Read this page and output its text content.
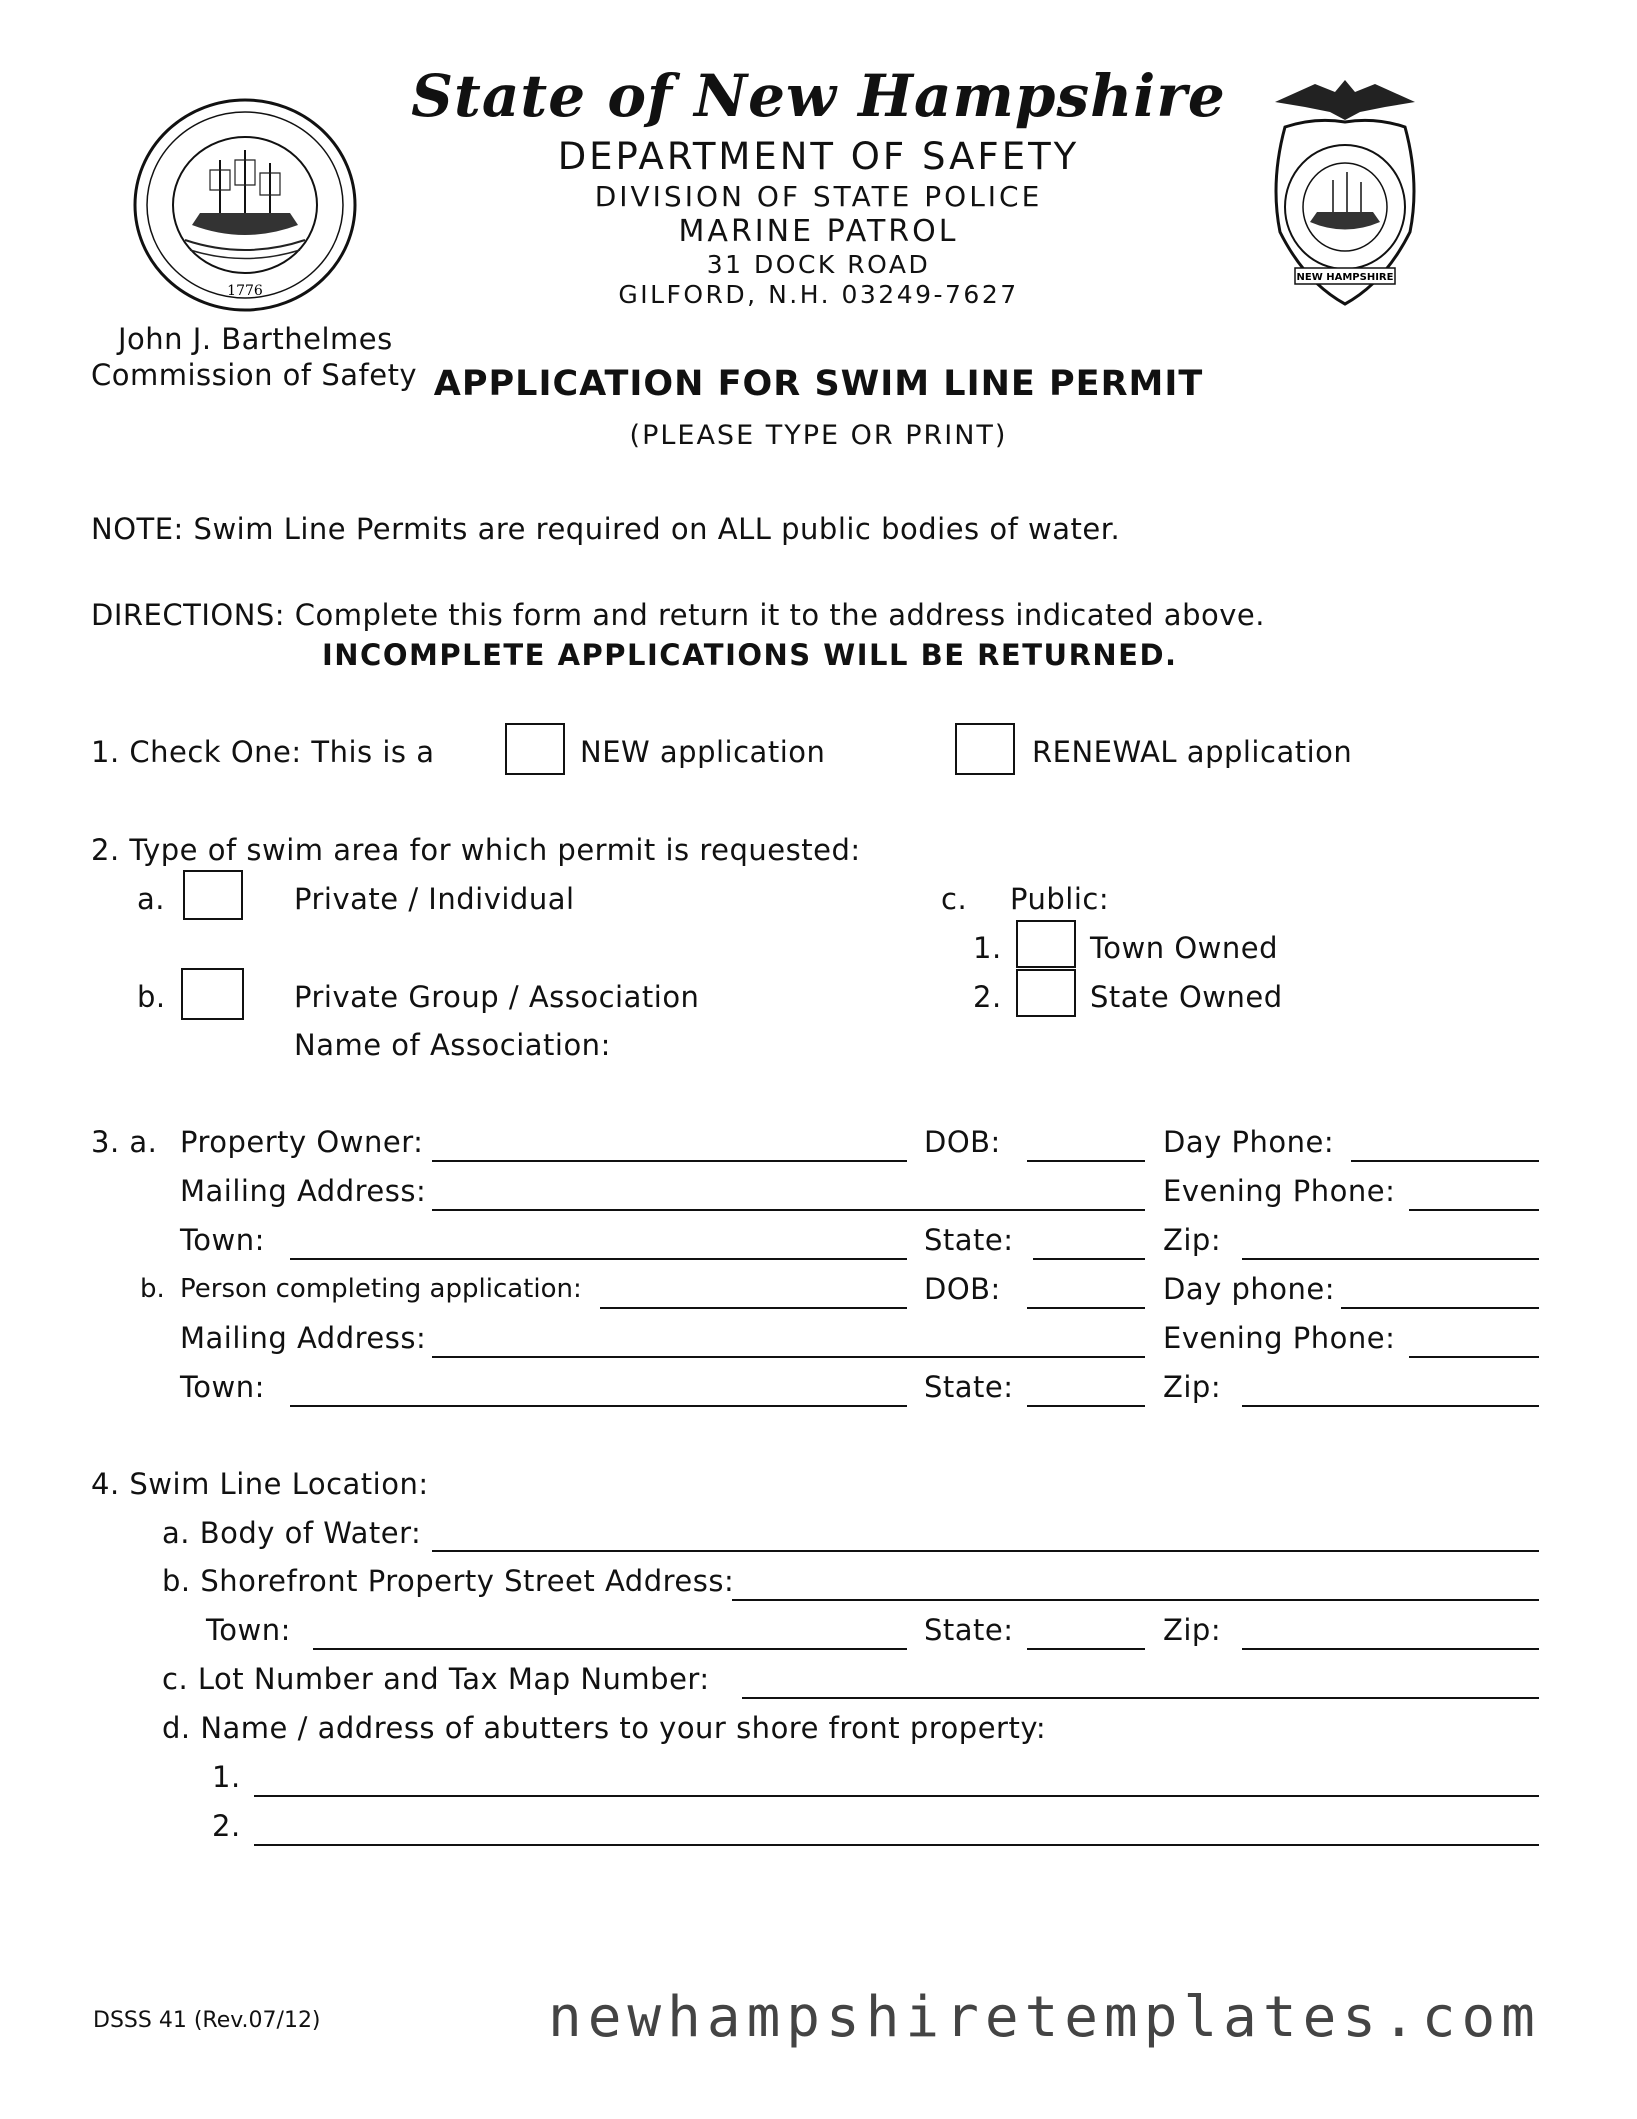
1776
NEW HAMPSHIRE
State of New Hampshire
DEPARTMENT OF SAFETY
DIVISION OF STATE POLICE
MARINE PATROL
31 DOCK ROAD
GILFORD, N.H. 03249-7627
John J. Barthelmes
Commission of Safety APPLICATION FOR SWIM LINE PERMIT
(PLEASE TYPE OR PRINT)
NOTE: Swim Line Permits are required on ALL public bodies of water.
DIRECTIONS: Complete this form and return it to the address indicated above.
INCOMPLETE APPLICATIONS WILL BE RETURNED.
1. Check One: This is a	NEW application	RENEWAL application
2. Type of swim area for which permit is requested:
a.	Private / Individual
b.	Private Group / Association
Name of Association:
c. Public:
1.	Town Owned
2.	State Owned
3. a. Property Owner:	DOB:	Day Phone:
Mailing Address:	Evening Phone:
Town:	State:	Zip:
b. Person completing application:	DOB:	Day phone:
Mailing Address:	Evening Phone:
Town:	State:	Zip:
4. Swim Line Location:
a. Body of Water:
b. Shorefront Property Street Address:
Town:	State:	Zip:
c. Lot Number and Tax Map Number:
d. Name / address of abutters to your shore front property:
1.
2.
DSSS 41 (Rev.07/12)	newhampshiretemplates.com
